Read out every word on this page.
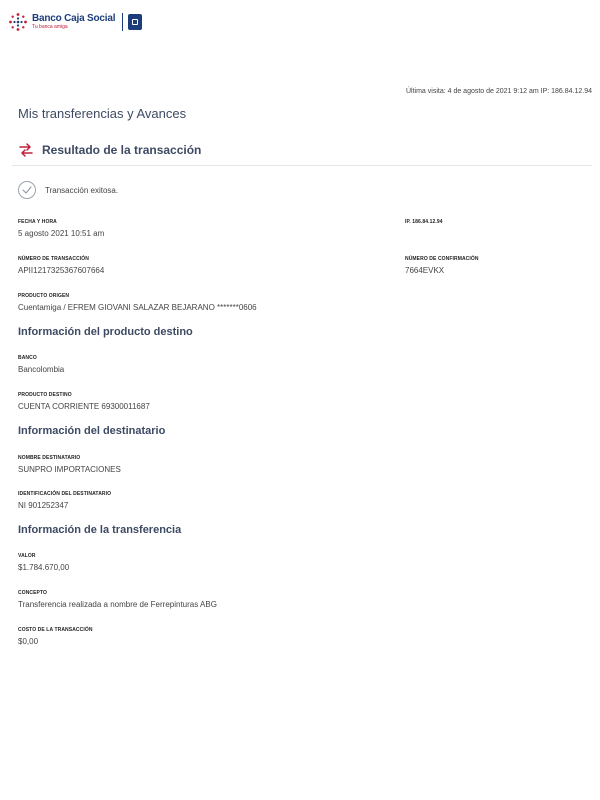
Banco Caja Social
Tu banca amiga
Última visita: 4 de agosto de 2021 9:12 am IP: 186.84.12.94
Mis transferencias y Avances
Resultado de la transacción
Transacción exitosa.
FECHA Y HORA
5 agosto 2021 10:51 am
IP. 186.84.12.94
NÚMERO DE TRANSACCIÓN
APII1217325367607664
NÚMERO DE CONFIRMACIÓN
7664EVKX
PRODUCTO ORIGEN
Cuentamiga / EFREM GIOVANI SALAZAR BEJARANO *******0606
Información del producto destino
BANCO
Bancolombia
PRODUCTO DESTINO
CUENTA CORRIENTE 69300011687
Información del destinatario
NOMBRE DESTINATARIO
SUNPRO IMPORTACIONES
IDENTIFICACIÓN DEL DESTINATARIO
NI 901252347
Información de la transferencia
VALOR
$1.784.670,00
CONCEPTO
Transferencia realizada a nombre de Ferrepinturas ABG
COSTO DE LA TRANSACCIÓN
$0,00
